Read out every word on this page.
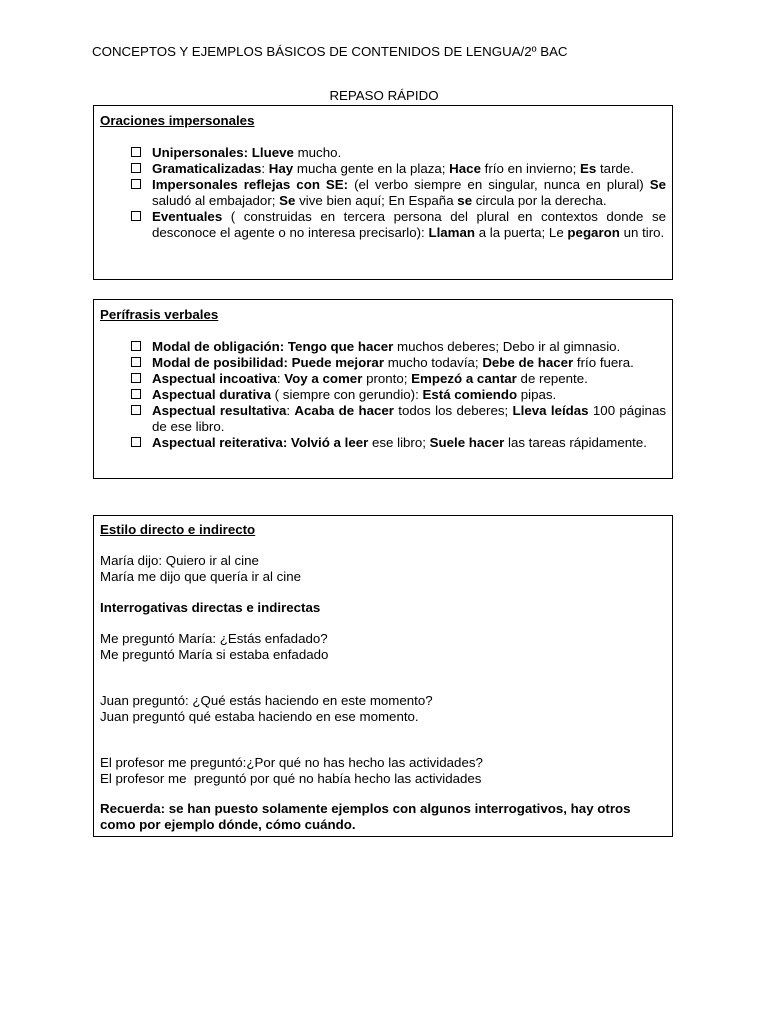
CONCEPTOS Y EJEMPLOS BÁSICOS DE CONTENIDOS DE LENGUA/2º BAC
REPASO RÁPIDO
Oraciones impersonales
Unipersonales: Llueve mucho.
Gramaticalizadas: Hay mucha gente en la plaza; Hace frío en invierno; Es tarde.
Impersonales reflejas con SE: (el verbo siempre en singular, nunca en plural) Se saludó al embajador; Se vive bien aquí; En España se circula por la derecha.
Eventuales ( construidas en tercera persona del plural en contextos donde se desconoce el agente o no interesa precisarlo): Llaman a la puerta; Le pegaron un tiro.
Perífrasis verbales
Modal de obligación: Tengo que hacer muchos deberes; Debo ir al gimnasio.
Modal de posibilidad: Puede mejorar mucho todavía; Debe de hacer frío fuera.
Aspectual incoativa: Voy a comer pronto; Empezó a cantar de repente.
Aspectual durativa ( siempre con gerundio): Está comiendo pipas.
Aspectual resultativa: Acaba de hacer todos los deberes; Lleva leídas 100 páginas de ese libro.
Aspectual reiterativa: Volvió a leer ese libro; Suele hacer las tareas rápidamente.
Estilo directo e indirecto
María dijo: Quiero ir al cine
María me dijo que quería ir al cine
Interrogativas directas e indirectas
Me preguntó María: ¿Estás enfadado?
Me preguntó María si estaba enfadado
Juan preguntó: ¿Qué estás haciendo en este momento?
Juan preguntó qué estaba haciendo en ese momento.
El profesor me preguntó:¿Por qué no has hecho las actividades?
El profesor me  preguntó por qué no había hecho las actividades
Recuerda: se han puesto solamente ejemplos con algunos interrogativos, hay otros como por ejemplo dónde, cómo cuándo.
